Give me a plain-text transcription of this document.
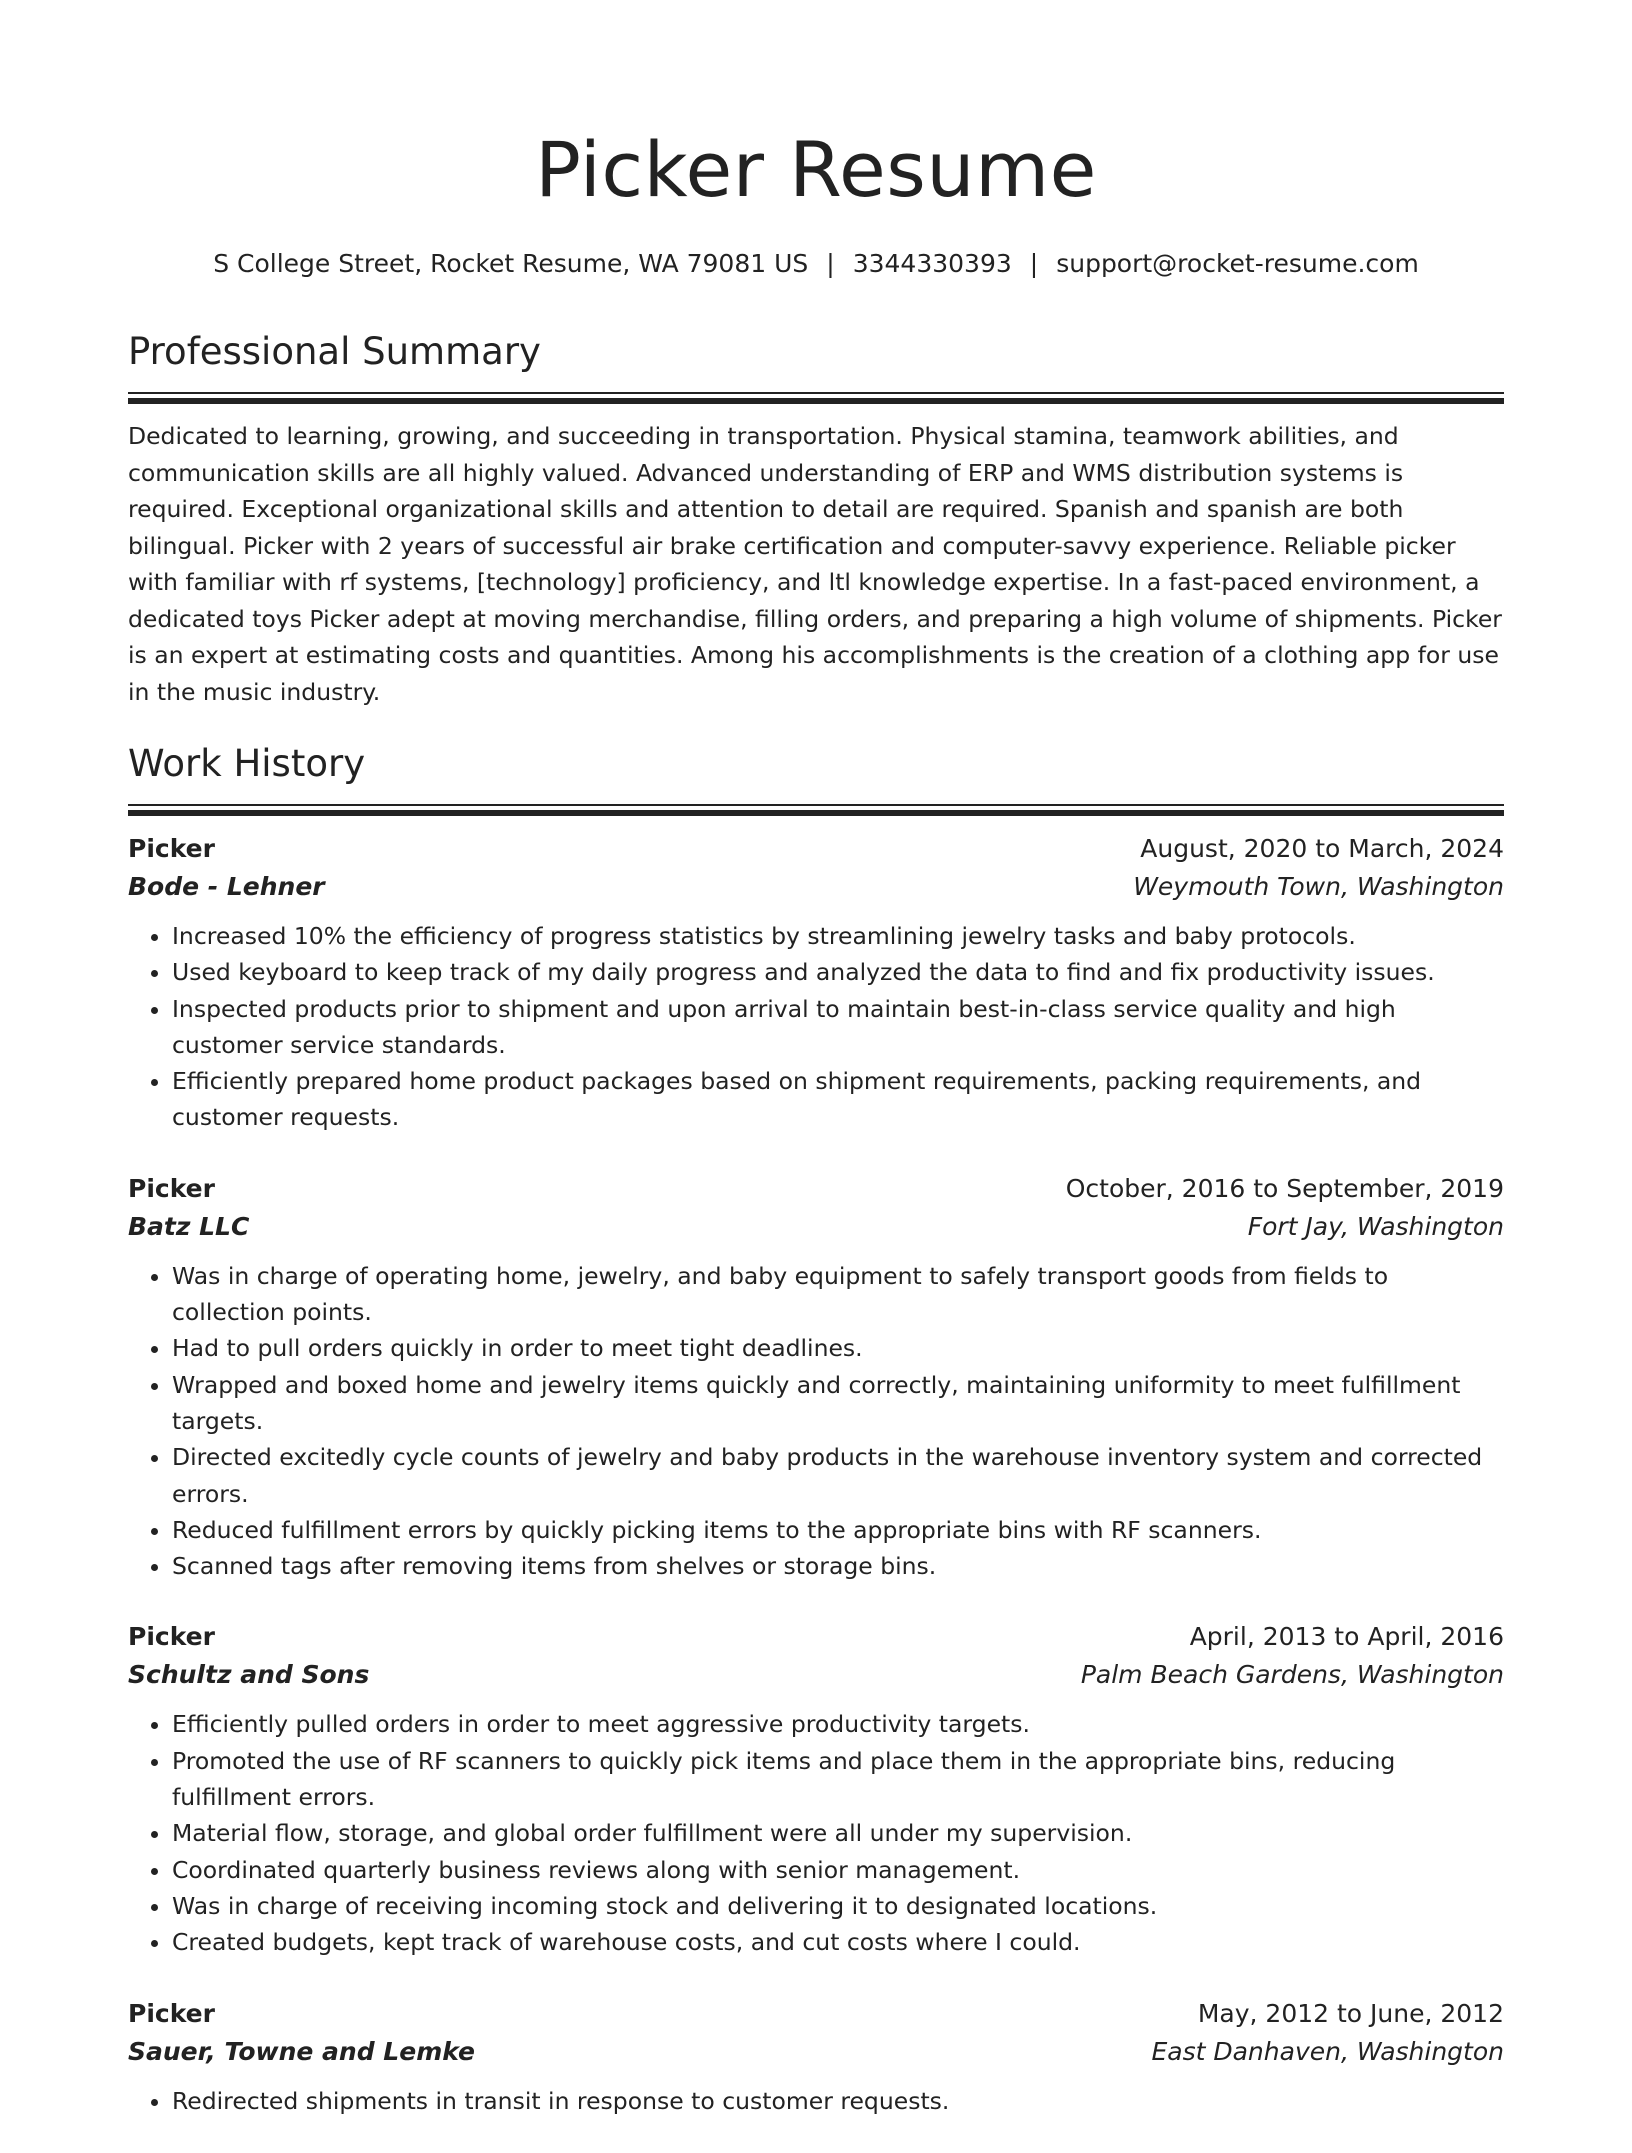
Picker Resume
S College Street, Rocket Resume, WA 79081 US | 3344330393 | support@rocket-resume.com
Professional Summary
Dedicated to learning, growing, and succeeding in transportation. Physical stamina, teamwork abilities, and communication skills are all highly valued. Advanced understanding of ERP and WMS distribution systems is required. Exceptional organizational skills and attention to detail are required. Spanish and spanish are both bilingual. Picker with 2 years of successful air brake certification and computer-savvy experience. Reliable picker with familiar with rf systems, [technology] proficiency, and ltl knowledge expertise. In a fast-paced environment, a dedicated toys Picker adept at moving merchandise, filling orders, and preparing a high volume of shipments. Picker is an expert at estimating costs and quantities. Among his accomplishments is the creation of a clothing app for use in the music industry.
Work History
Picker	August, 2020 to March, 2024
Bode - Lehner	Weymouth Town, Washington
• Increased 10% the efficiency of progress statistics by streamlining jewelry tasks and baby protocols.
• Used keyboard to keep track of my daily progress and analyzed the data to find and fix productivity issues.
• Inspected products prior to shipment and upon arrival to maintain best-in-class service quality and high customer service standards.
• Efficiently prepared home product packages based on shipment requirements, packing requirements, and customer requests.
Picker	October, 2016 to September, 2019
Batz LLC	Fort Jay, Washington
• Was in charge of operating home, jewelry, and baby equipment to safely transport goods from fields to collection points.
• Had to pull orders quickly in order to meet tight deadlines.
• Wrapped and boxed home and jewelry items quickly and correctly, maintaining uniformity to meet fulfillment targets.
• Directed excitedly cycle counts of jewelry and baby products in the warehouse inventory system and corrected errors.
• Reduced fulfillment errors by quickly picking items to the appropriate bins with RF scanners.
• Scanned tags after removing items from shelves or storage bins.
Picker	April, 2013 to April, 2016
Schultz and Sons	Palm Beach Gardens, Washington
• Efficiently pulled orders in order to meet aggressive productivity targets.
• Promoted the use of RF scanners to quickly pick items and place them in the appropriate bins, reducing fulfillment errors.
• Material flow, storage, and global order fulfillment were all under my supervision.
• Coordinated quarterly business reviews along with senior management.
• Was in charge of receiving incoming stock and delivering it to designated locations.
• Created budgets, kept track of warehouse costs, and cut costs where I could.
Picker	May, 2012 to June, 2012
Sauer, Towne and Lemke	East Danhaven, Washington
• Redirected shipments in transit in response to customer requests.
